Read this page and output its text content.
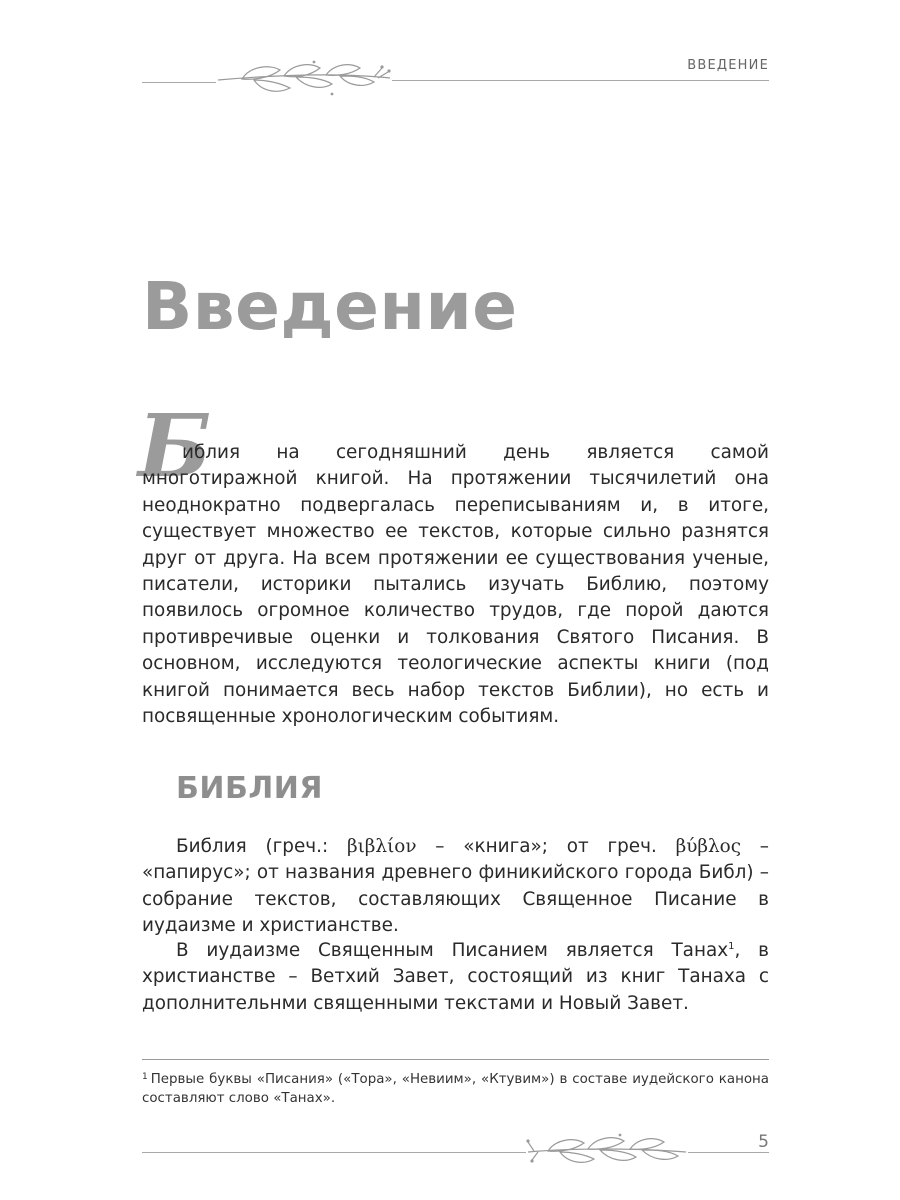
ВВЕДЕНИЕ
Введение
Б

иблия на сегодняшний день является самой многотиражной книгой. На протяжении тысячилетий она неоднократно подвергалась переписываниям и, в итоге, существует множество ее текстов, которые сильно разнятся друг от друга. На всем протяжении ее существования ученые, писатели, историки пытались изучать Библию, поэтому появилось огромное количество трудов, где порой даются противречивые оценки и толкования Святого Писания. В основном, исследуются теологические аспекты книги (под книгой понимается весь набор текстов Библии), но есть и посвященные хронологическим событиям.

БИБЛИЯ

Библия (греч.: βιβλίον – «книга»; от греч. βύβλος – «папирус»; от названия древнего финикийского города Библ) – собрание текстов, составляющих Священное Писание в иудаизме и христианстве.

В иудаизме Священным Писанием является Танах$^1$, в христианстве – Ветхий Завет, состоящий из книг Танаха с дополнительнми священными текстами и Новый Завет.

$^1$ Первые буквы «Писания» («Тора», «Невиим», «Ктувим») в составе иудейского канона составляют слово «Танах».

5
